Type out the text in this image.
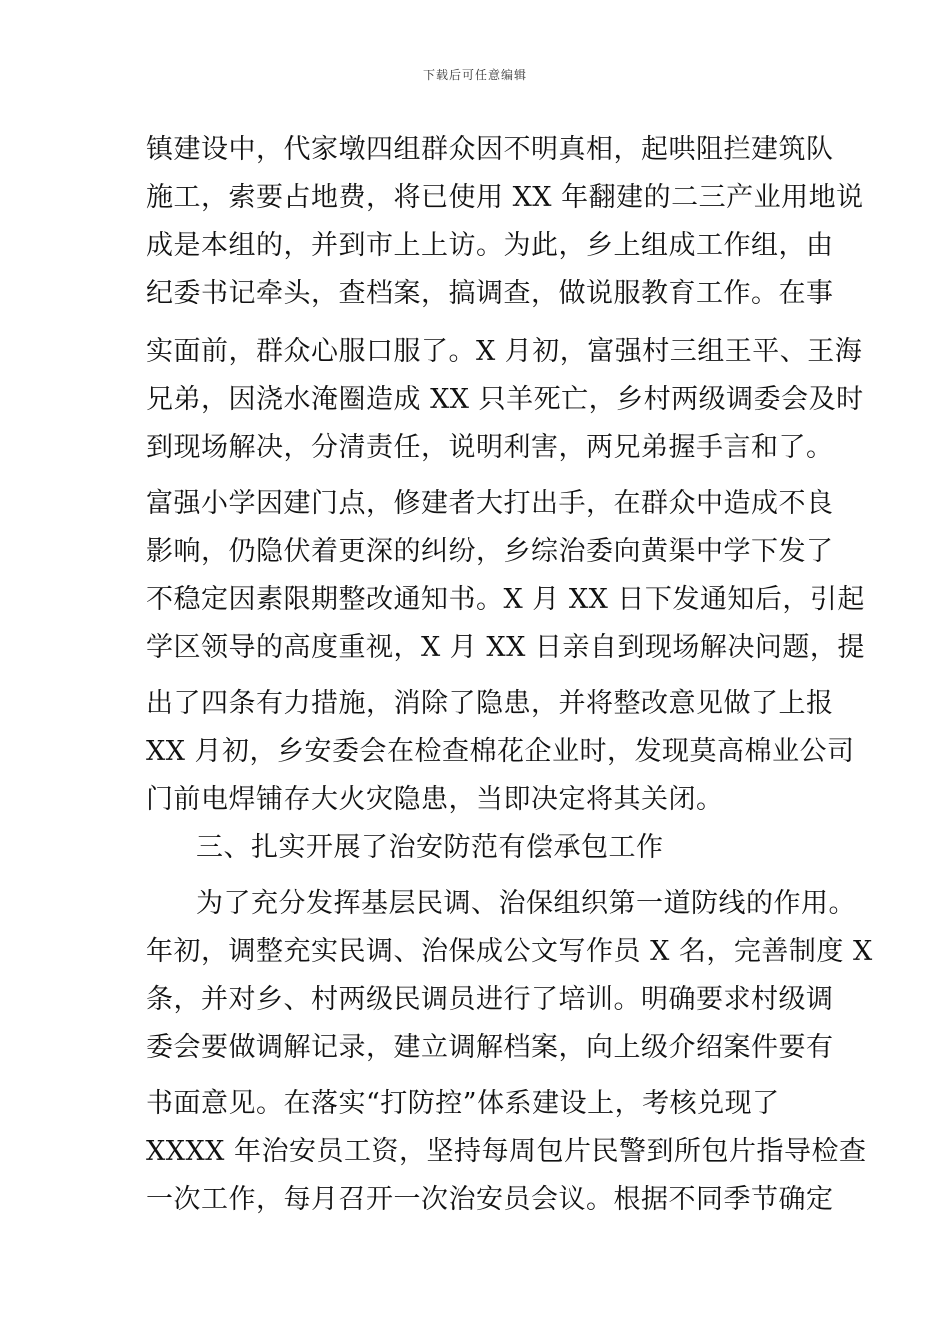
下载后可任意编辑
镇建设中，代家墩四组群众因不明真相，起哄阻拦建筑队
施工，索要占地费，将已使用 XX 年翻建的二三产业用地说
成是本组的，并到市上上访。为此，乡上组成工作组，由
纪委书记牵头，查档案，搞调查，做说服教育工作。在事
实面前，群众心服口服了。X 月初，富强村三组王平、王海
兄弟，因浇水淹圈造成 XX 只羊死亡，乡村两级调委会及时
到现场解决，分清责任，说明利害，两兄弟握手言和了。
富强小学因建门点，修建者大打出手，在群众中造成不良
影响，仍隐伏着更深的纠纷，乡综治委向黄渠中学下发了
不稳定因素限期整改通知书。X 月 XX 日下发通知后，引起
学区领导的高度重视，X 月 XX 日亲自到现场解决问题，提
出了四条有力措施，消除了隐患，并将整改意见做了上报
XX 月初，乡安委会在检查棉花企业时，发现莫高棉业公司
门前电焊铺存大火灾隐患，当即决定将其关闭。
三、扎实开展了治安防范有偿承包工作
为了充分发挥基层民调、治保组织第一道防线的作用。
年初，调整充实民调、治保成公文写作员 X 名，完善制度 X
条，并对乡、村两级民调员进行了培训。明确要求村级调
委会要做调解记录，建立调解档案，向上级介绍案件要有
书面意见。在落实“打防控”体系建设上，考核兑现了
XXXX 年治安员工资，坚持每周包片民警到所包片指导检查
一次工作，每月召开一次治安员会议。根据不同季节确定
